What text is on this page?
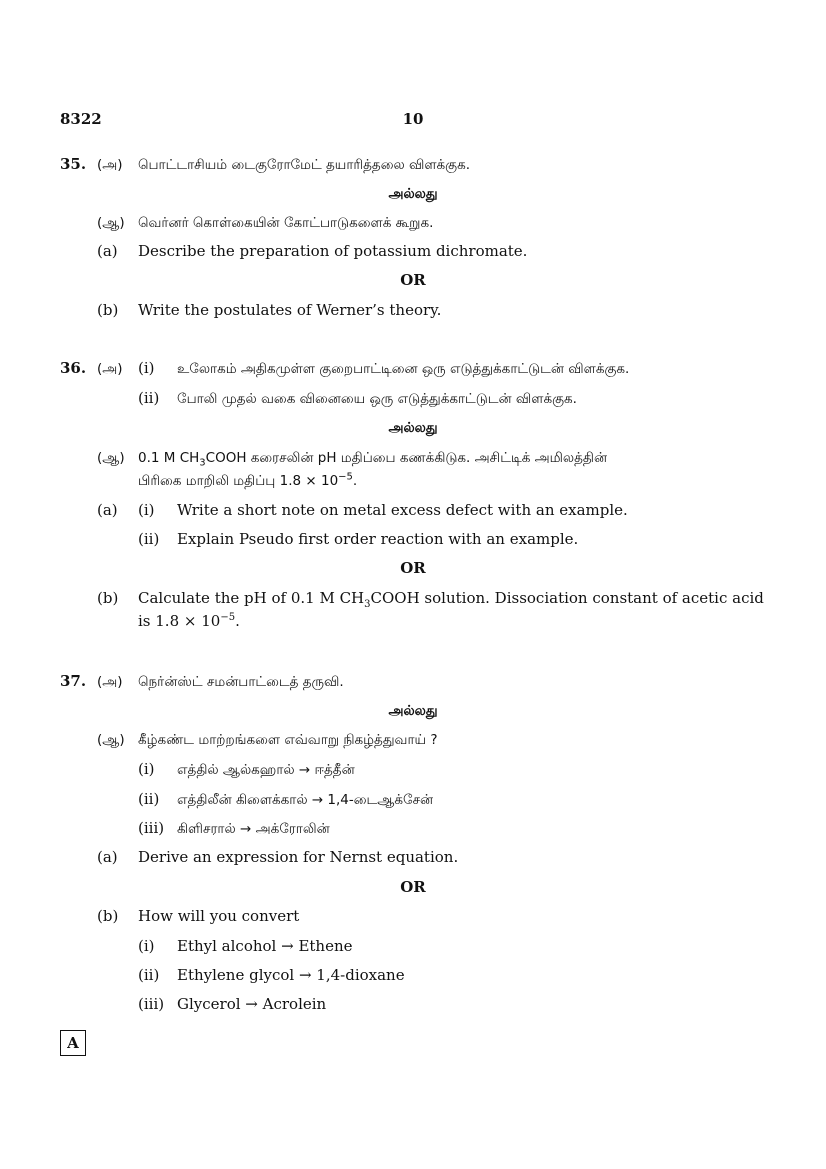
8322	10
35. (அ) பொட்டாசியம் டைகுரோமேட் தயாரித்தலை விளக்குக.
அல்லது
(ஆ) வெர்னர் கொள்கையின் கோட்பாடுகளைக் கூறுக.
(a) Describe the preparation of potassium dichromate.
OR
(b) Write the postulates of Werner’s theory.
36. (அ) (i) உலோகம் அதிகமுள்ள குறைபாட்டினை ஒரு எடுத்துக்காட்டுடன் விளக்குக.
(ii) போலி முதல் வகை வினையை ஒரு எடுத்துக்காட்டுடன் விளக்குக.
அல்லது
(ஆ) 0.1 M $CH_3COOH$ கரைசலின் pH மதிப்பை கணக்கிடுக. அசிட்டிக் அமிலத்தின்
பிரிகை மாறிலி மதிப்பு $1.8 \times 10^{-5}$.
(a) (i) Write a short note on metal excess defect with an example.
(ii) Explain Pseudo first order reaction with an example.
OR
(b) Calculate the pH of 0.1 M $CH_3COOH$ solution. Dissociation constant of acetic acid
is $1.8 \times 10^{-5}$.
37. (அ) நெர்ன்ஸ்ட் சமன்பாட்டைத் தருவி.
அல்லது
(ஆ) கீழ்கண்ட மாற்றங்களை எவ்வாறு நிகழ்த்துவாய் ?
(i) எத்தில் ஆல்கஹால் → ஈத்தீன்
(ii) எத்திலீன் கிளைக்கால் → 1,4-டைஆக்சேன்
(iii) கிளிசரால் → அக்ரோலின்
(a) Derive an expression for Nernst equation.
OR
(b) How will you convert
(i) Ethyl alcohol → Ethene
(ii) Ethylene glycol → 1,4-dioxane
(iii) Glycerol → Acrolein
A
